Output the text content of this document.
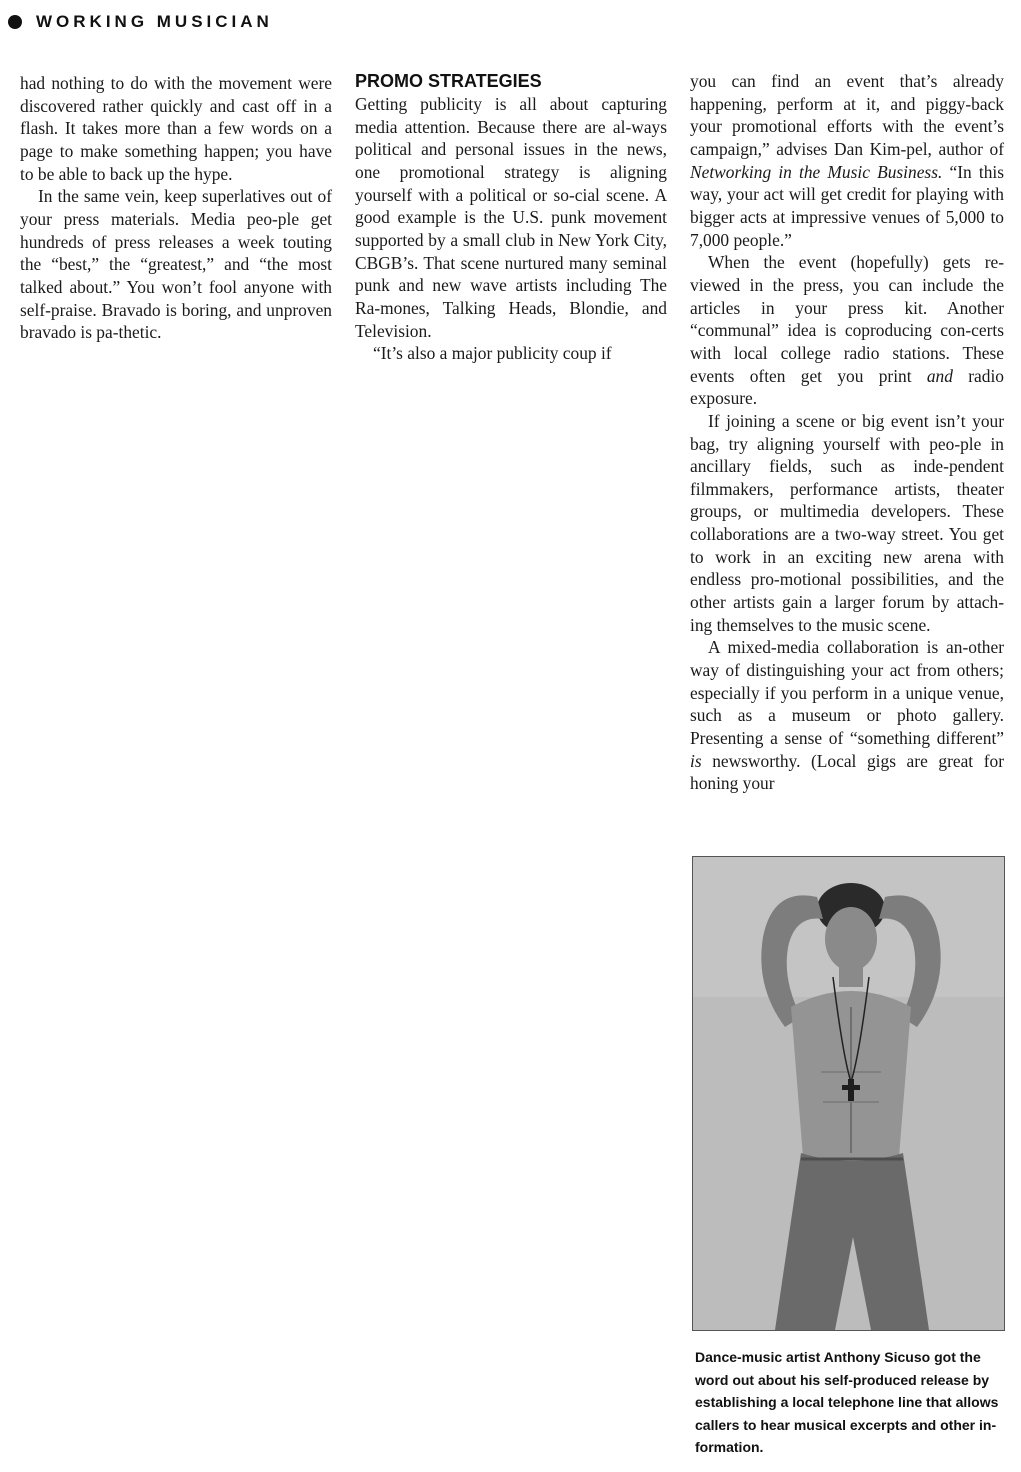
WORKING MUSICIAN

had nothing to do with the movement were discovered rather quickly and cast off in a flash. It takes more than a few words on a page to make something happen; you have to be able to back up the hype.

In the same vein, keep superlatives out of your press materials. Media peo-ple get hundreds of press releases a week touting the “best,” the “greatest,” and “the most talked about.” You won’t fool anyone with self-praise. Bravado is boring, and unproven bravado is pa-thetic.

PROMO STRATEGIES

Getting publicity is all about capturing media attention. Because there are al-ways political and personal issues in the news, one promotional strategy is aligning yourself with a political or so-cial scene. A good example is the U.S. punk movement supported by a small club in New York City, CBGB’s. That scene nurtured many seminal punk and new wave artists including The Ra-mones, Talking Heads, Blondie, and Television.

“It’s also a major publicity coup if

you can find an event that’s already happening, perform at it, and piggy-back your promotional efforts with the event’s campaign,” advises Dan Kim-pel, author of Networking in the Music Business. “In this way, your act will get credit for playing with bigger acts at impressive venues of 5,000 to 7,000 people.”

When the event (hopefully) gets re-viewed in the press, you can include the articles in your press kit. Another “communal” idea is coproducing con-certs with local college radio stations. These events often get you print and radio exposure.

If joining a scene or big event isn’t your bag, try aligning yourself with peo-ple in ancillary fields, such as inde-pendent filmmakers, performance artists, theater groups, or multimedia developers. These collaborations are a two-way street. You get to work in an exciting new arena with endless pro-motional possibilities, and the other artists gain a larger forum by attach-ing themselves to the music scene.

A mixed-media collaboration is an-other way of distinguishing your act from others; especially if you perform in a unique venue, such as a museum or photo gallery. Presenting a sense of “something different” is newsworthy. (Local gigs are great for honing your

Dance-music artist Anthony Sicuso got the word out about his self-produced release by establishing a local telephone line that allows callers to hear musical excerpts and other in-formation.
